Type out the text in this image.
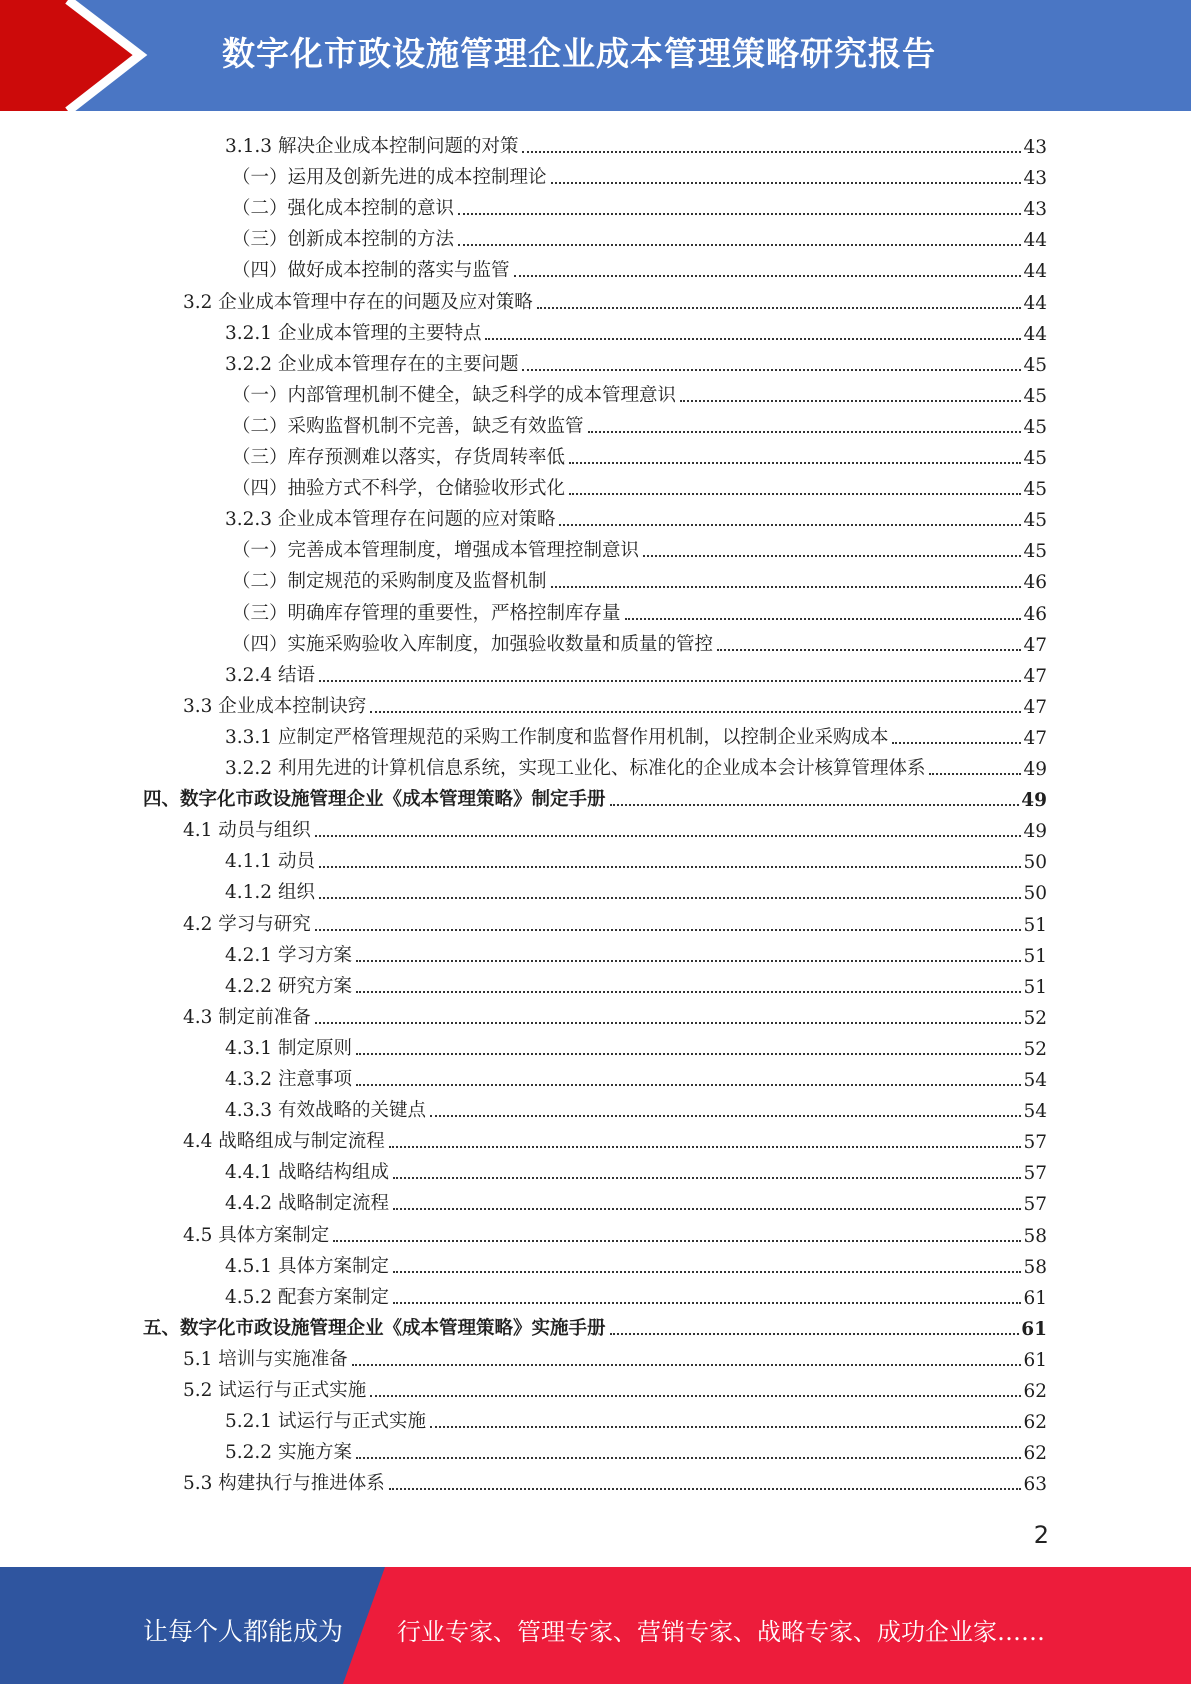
数字化市政设施管理企业成本管理策略研究报告
3.1.3 解决企业成本控制问题的对策	43
（一）运用及创新先进的成本控制理论	43
（二）强化成本控制的意识	43
（三）创新成本控制的方法	44
（四）做好成本控制的落实与监管	44
3.2 企业成本管理中存在的问题及应对策略	44
3.2.1 企业成本管理的主要特点	44
3.2.2 企业成本管理存在的主要问题	45
（一）内部管理机制不健全，缺乏科学的成本管理意识	45
（二）采购监督机制不完善，缺乏有效监管	45
（三）库存预测难以落实，存货周转率低	45
（四）抽验方式不科学，仓储验收形式化	45
3.2.3 企业成本管理存在问题的应对策略	45
（一）完善成本管理制度，增强成本管理控制意识	45
（二）制定规范的采购制度及监督机制	46
（三）明确库存管理的重要性，严格控制库存量	46
（四）实施采购验收入库制度，加强验收数量和质量的管控	47
3.2.4 结语	47
3.3 企业成本控制诀窍	47
3.3.1 应制定严格管理规范的采购工作制度和监督作用机制，以控制企业采购成本	47
3.2.2 利用先进的计算机信息系统，实现工业化、标准化的企业成本会计核算管理体系	49
四、数字化市政设施管理企业《成本管理策略》制定手册	49
4.1 动员与组织	49
4.1.1 动员	50
4.1.2 组织	50
4.2 学习与研究	51
4.2.1 学习方案	51
4.2.2 研究方案	51
4.3 制定前准备	52
4.3.1 制定原则	52
4.3.2 注意事项	54
4.3.3 有效战略的关键点	54
4.4 战略组成与制定流程	57
4.4.1 战略结构组成	57
4.4.2 战略制定流程	57
4.5 具体方案制定	58
4.5.1 具体方案制定	58
4.5.2 配套方案制定	61
五、数字化市政设施管理企业《成本管理策略》实施手册	61
5.1 培训与实施准备	61
5.2 试运行与正式实施	62
5.2.1 试运行与正式实施	62
5.2.2 实施方案	62
5.3 构建执行与推进体系	63
2
让每个人都能成为 行业专家、管理专家、营销专家、战略专家、成功企业家……
